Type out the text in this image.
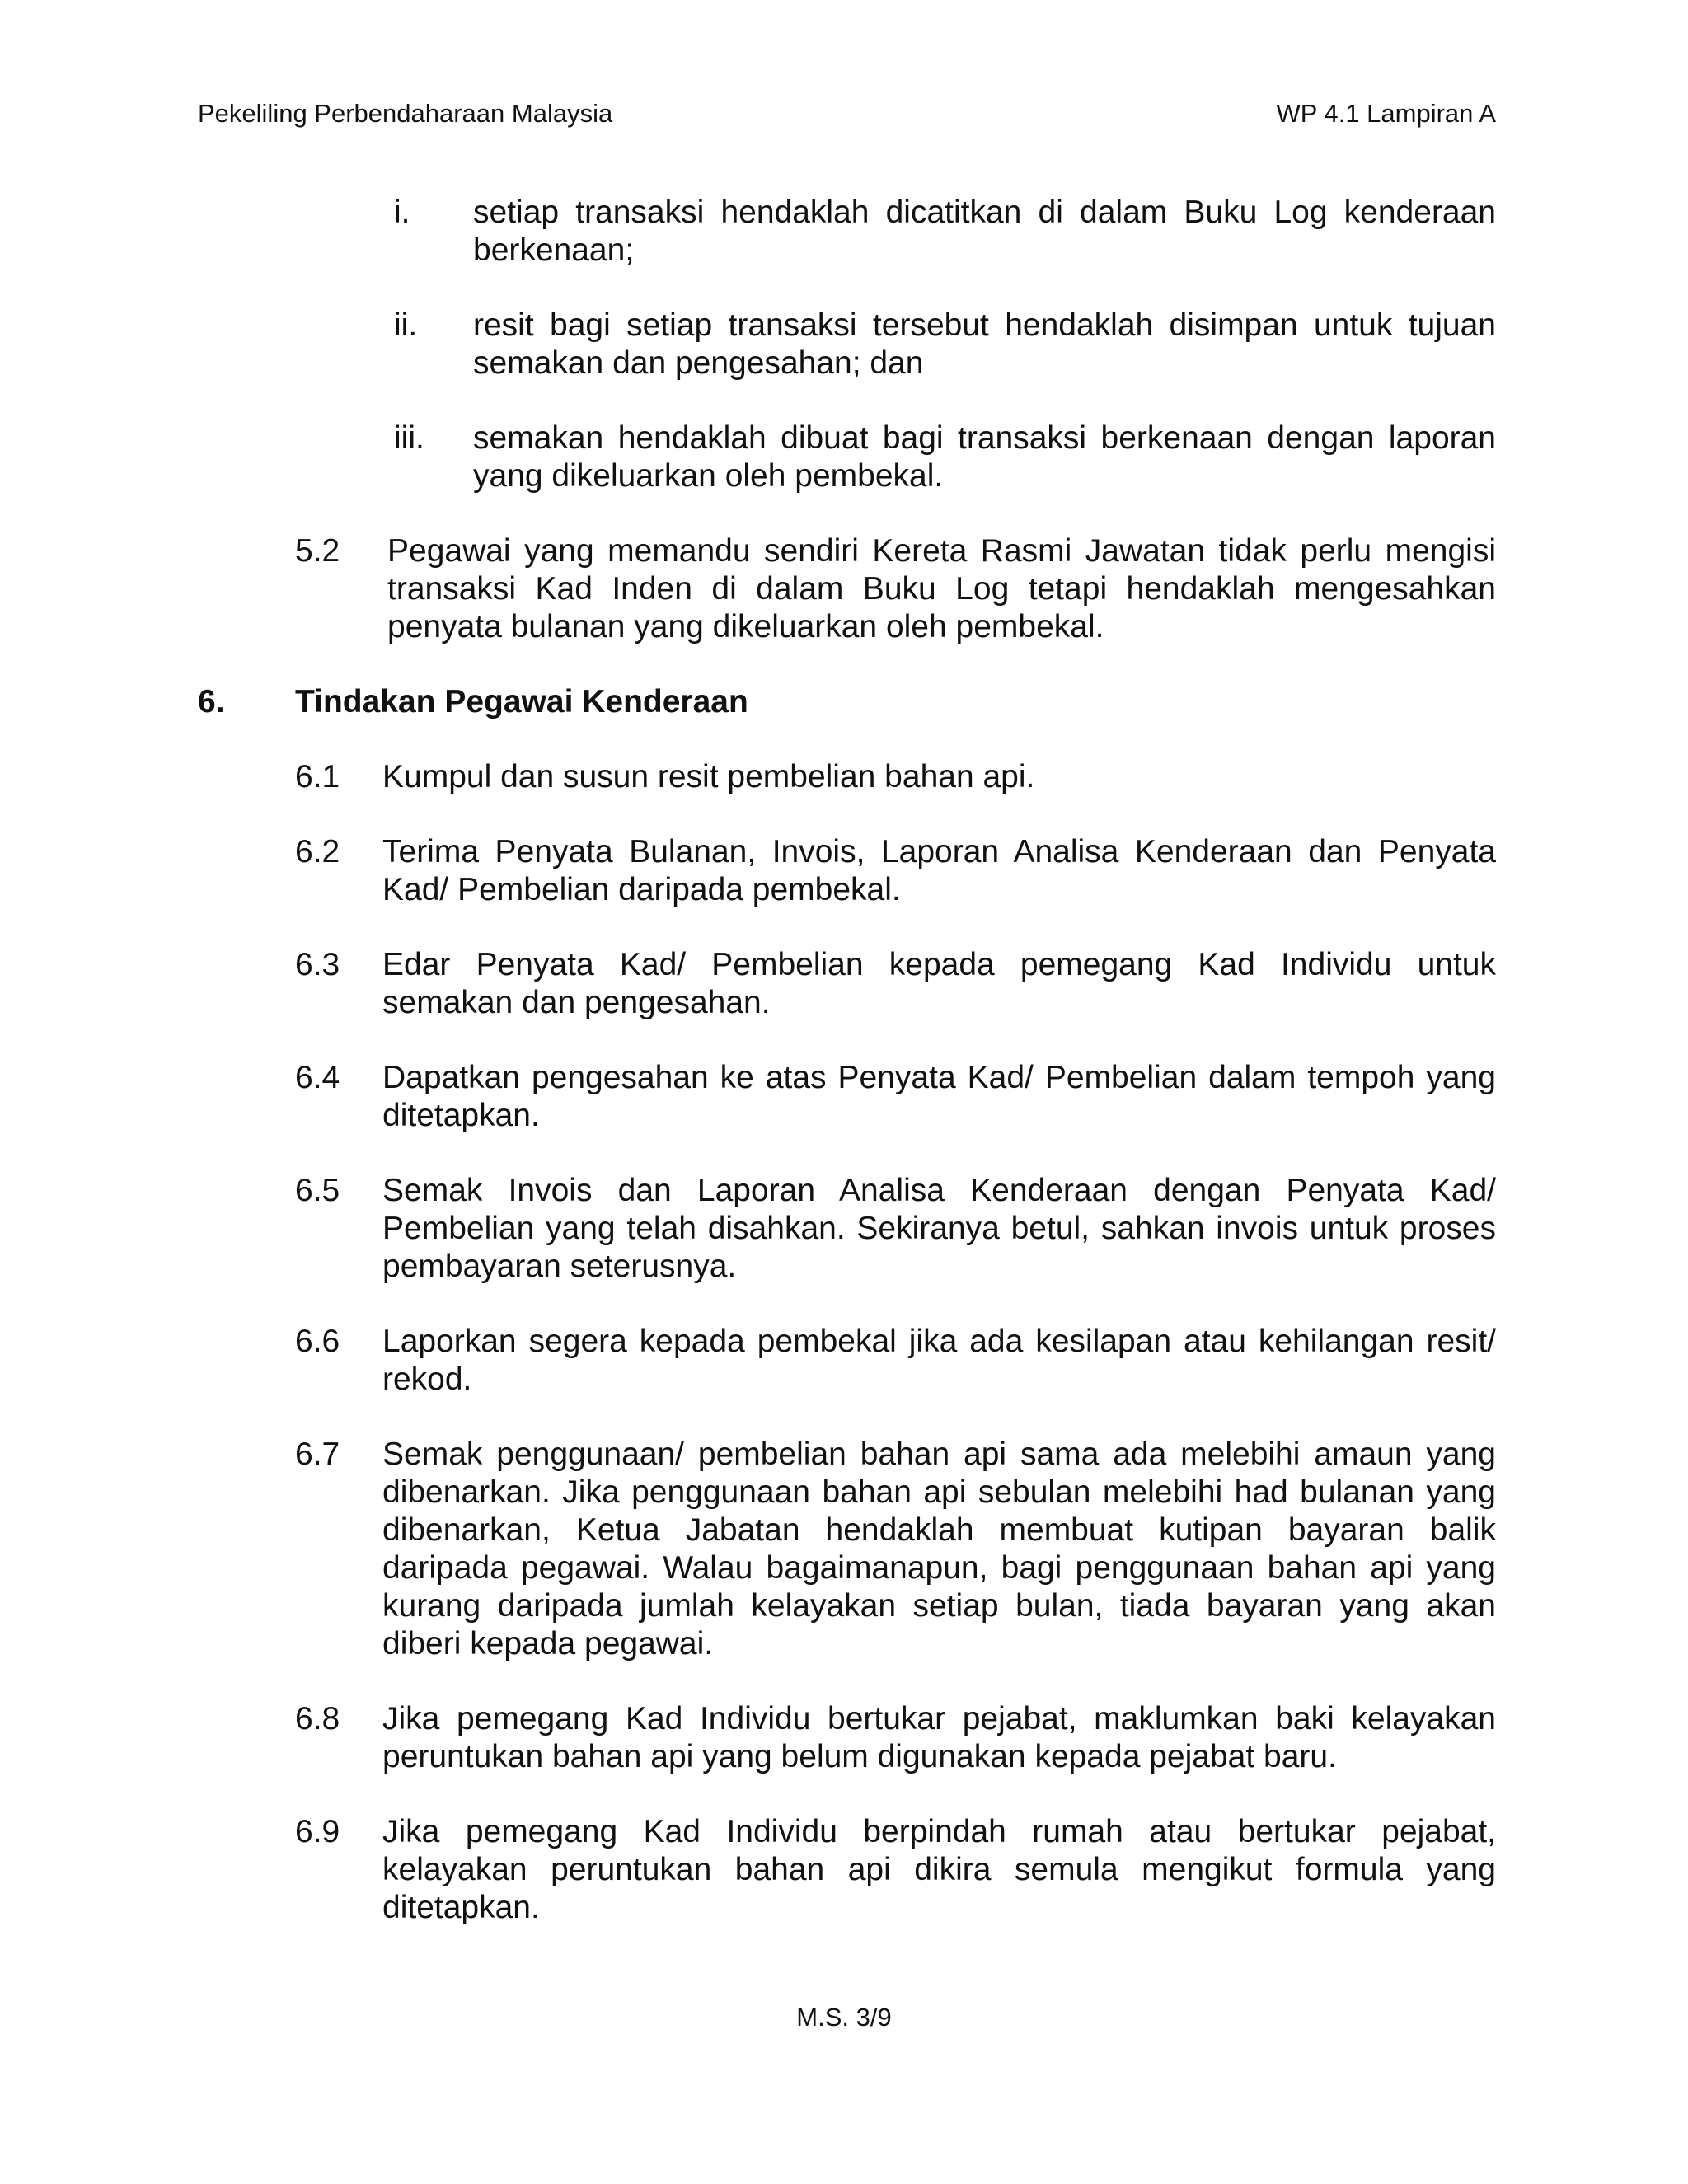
Pekeliling Perbendaharaan Malaysia	WP 4.1 Lampiran A
i.	setiap transaksi hendaklah dicatitkan di dalam Buku Log kenderaan berkenaan;
ii.	resit bagi setiap transaksi tersebut hendaklah disimpan untuk tujuan semakan dan pengesahan; dan
iii.	semakan hendaklah dibuat bagi transaksi berkenaan dengan laporan yang dikeluarkan oleh pembekal.
5.2	Pegawai yang memandu sendiri Kereta Rasmi Jawatan tidak perlu mengisi transaksi Kad Inden di dalam Buku Log tetapi hendaklah mengesahkan penyata bulanan yang dikeluarkan oleh pembekal.
6.	Tindakan Pegawai Kenderaan
6.1	Kumpul dan susun resit pembelian bahan api.
6.2	Terima Penyata Bulanan, Invois, Laporan Analisa Kenderaan dan Penyata Kad/ Pembelian daripada pembekal.
6.3	Edar Penyata Kad/ Pembelian kepada pemegang Kad Individu untuk semakan dan pengesahan.
6.4	Dapatkan pengesahan ke atas Penyata Kad/ Pembelian dalam tempoh yang ditetapkan.
6.5	Semak Invois dan Laporan Analisa Kenderaan dengan Penyata Kad/ Pembelian yang telah disahkan. Sekiranya betul, sahkan invois untuk proses pembayaran seterusnya.
6.6	Laporkan segera kepada pembekal jika ada kesilapan atau kehilangan resit/ rekod.
6.7	Semak penggunaan/ pembelian bahan api sama ada melebihi amaun yang dibenarkan. Jika penggunaan bahan api sebulan melebihi had bulanan yang dibenarkan, Ketua Jabatan hendaklah membuat kutipan bayaran balik daripada pegawai. Walau bagaimanapun, bagi penggunaan bahan api yang kurang daripada jumlah kelayakan setiap bulan, tiada bayaran yang akan diberi kepada pegawai.
6.8	Jika pemegang Kad Individu bertukar pejabat, maklumkan baki kelayakan peruntukan bahan api yang belum digunakan kepada pejabat baru.
6.9	Jika pemegang Kad Individu berpindah rumah atau bertukar pejabat, kelayakan peruntukan bahan api dikira semula mengikut formula yang ditetapkan.
M.S. 3/9
